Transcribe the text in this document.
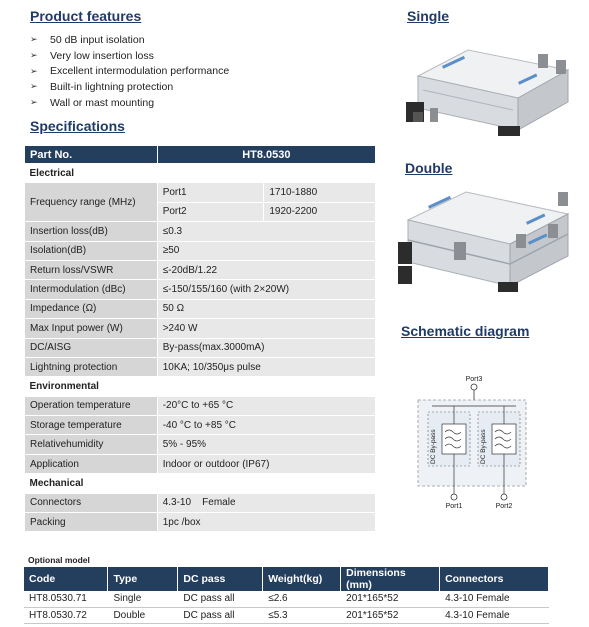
Product features
➢	50 dB input isolation
➢	Very low insertion loss
➢	Excellent intermodulation performance
➢	Built-in lightning protection
➢	Wall or mast mounting
Specifications
Part No.	HT8.0530	
Electrical		
Frequency range (MHz)	Port1	1710-1880
	Port2	1920-2200
Insertion loss(dB)	≤0.3	
Isolation(dB)	≥50	
Return loss/VSWR	≤-20dB/1.22	
Intermodulation (dBc)	≤-150/155/160 (with 2×20W)	
Impedance (Ω)	50 Ω	
Max Input power (W)	>240 W	
DC/AISG	By-pass(max.3000mA)	
Lightning protection	10KA; 10/350μs pulse	
Environmental		
Operation temperature	-20°C to +65 °C	
Storage temperature	-40 °C to +85 °C	
Relativehumidity	5% - 95%	
Application	Indoor or outdoor (IP67)	
Mechanical		
Connectors	4.3-10    Female	
Packing	1pc /box	
Single
Double
Schematic diagram
Port3
DC By-pass	DC By-pass
Port1	Port2
Optional model
Code	Type	DC pass	Weight(kg)	Dimensions (mm)	Connectors
HT8.0530.71	Single	DC pass all	≤2.6	201*165*52	4.3-10 Female
HT8.0530.72	Double	DC pass all	≤5.3	201*165*52	4.3-10 Female
